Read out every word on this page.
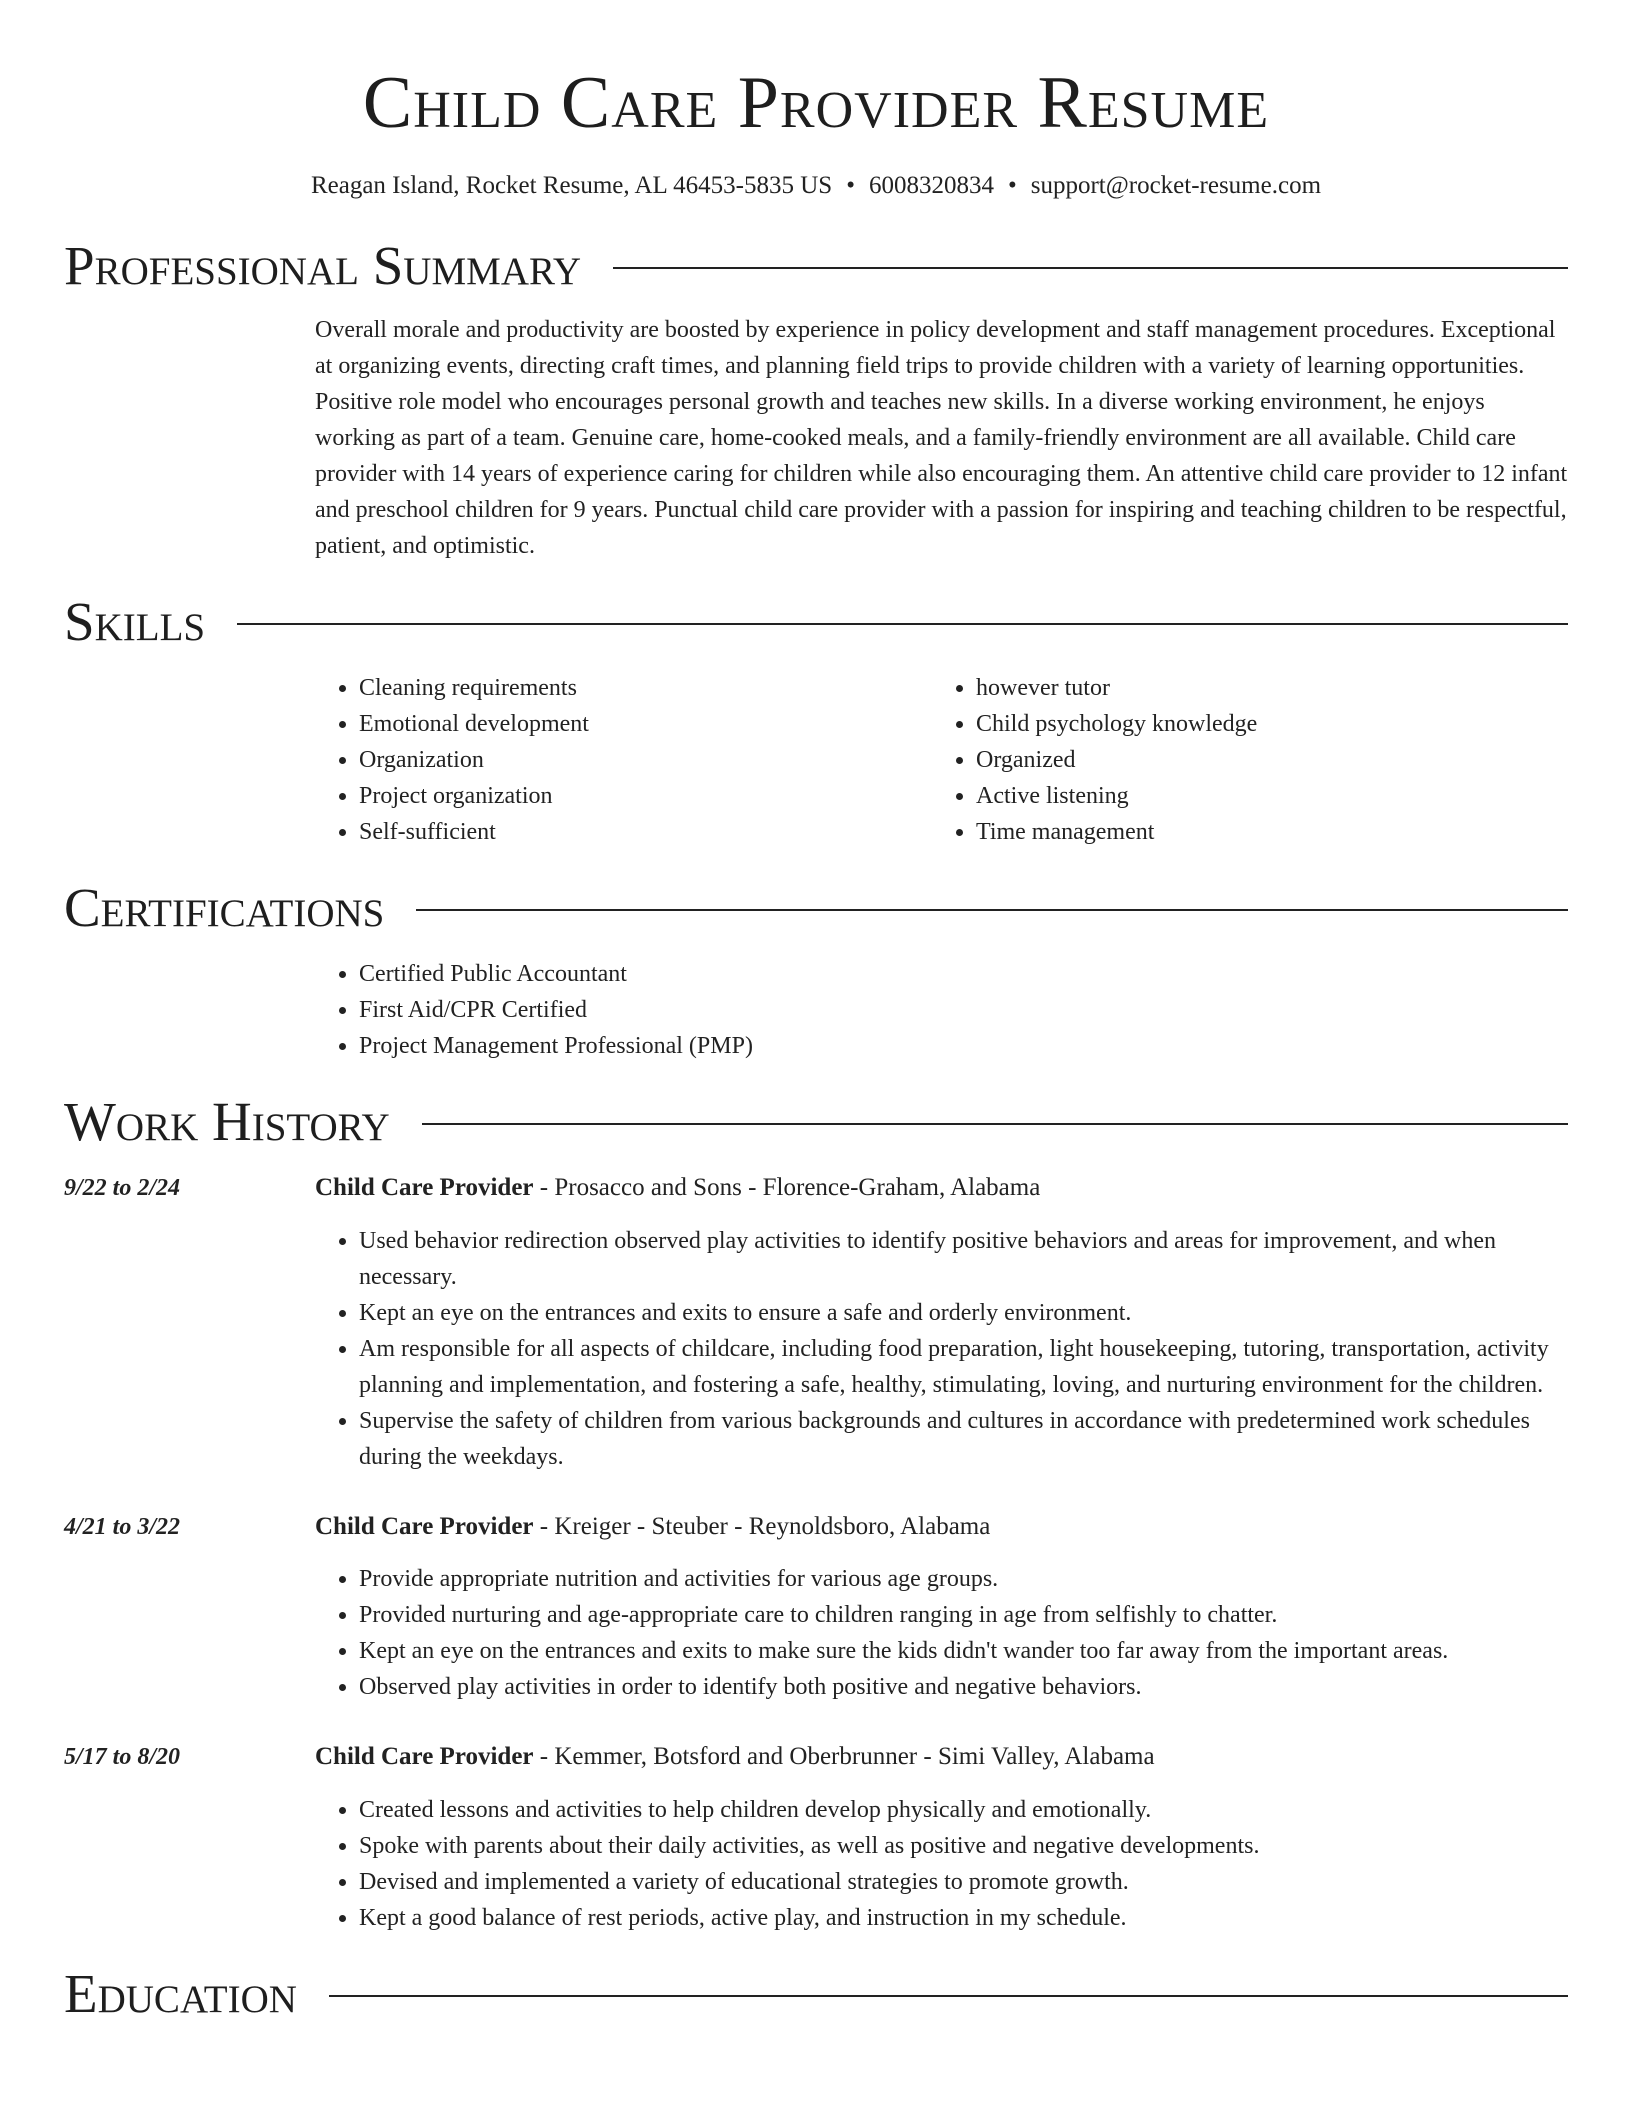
Child Care Provider Resume
Reagan Island, Rocket Resume, AL 46453-5835 US • 6008320834 • support@rocket-resume.com
Professional Summary

Overall morale and productivity are boosted by experience in policy development and staff management procedures. Exceptional at organizing events, directing craft times, and planning field trips to provide children with a variety of learning opportunities. Positive role model who encourages personal growth and teaches new skills. In a diverse working environment, he enjoys working as part of a team. Genuine care, home-cooked meals, and a family-friendly environment are all available. Child care provider with 14 years of experience caring for children while also encouraging them. An attentive child care provider to 12 infant and preschool children for 9 years. Punctual child care provider with a passion for inspiring and teaching children to be respectful, patient, and optimistic.

Skills
• Cleaning requirements
• Emotional development
• Organization
• Project organization
• Self-sufficient
• however tutor
• Child psychology knowledge
• Organized
• Active listening
• Time management
Certifications
• Certified Public Accountant
• First Aid/CPR Certified
• Project Management Professional (PMP)
Work History
9/22 to 2/24	Child Care Provider - Prosacco and Sons - Florence-Graham, Alabama
• Used behavior redirection observed play activities to identify positive behaviors and areas for improvement, and when necessary.
• Kept an eye on the entrances and exits to ensure a safe and orderly environment.
• Am responsible for all aspects of childcare, including food preparation, light housekeeping, tutoring, transportation, activity planning and implementation, and fostering a safe, healthy, stimulating, loving, and nurturing environment for the children.
• Supervise the safety of children from various backgrounds and cultures in accordance with predetermined work schedules during the weekdays.
4/21 to 3/22	Child Care Provider - Kreiger - Steuber - Reynoldsboro, Alabama
• Provide appropriate nutrition and activities for various age groups.
• Provided nurturing and age-appropriate care to children ranging in age from selfishly to chatter.
• Kept an eye on the entrances and exits to make sure the kids didn't wander too far away from the important areas.
• Observed play activities in order to identify both positive and negative behaviors.
5/17 to 8/20	Child Care Provider - Kemmer, Botsford and Oberbrunner - Simi Valley, Alabama
• Created lessons and activities to help children develop physically and emotionally.
• Spoke with parents about their daily activities, as well as positive and negative developments.
• Devised and implemented a variety of educational strategies to promote growth.
• Kept a good balance of rest periods, active play, and instruction in my schedule.
Education
